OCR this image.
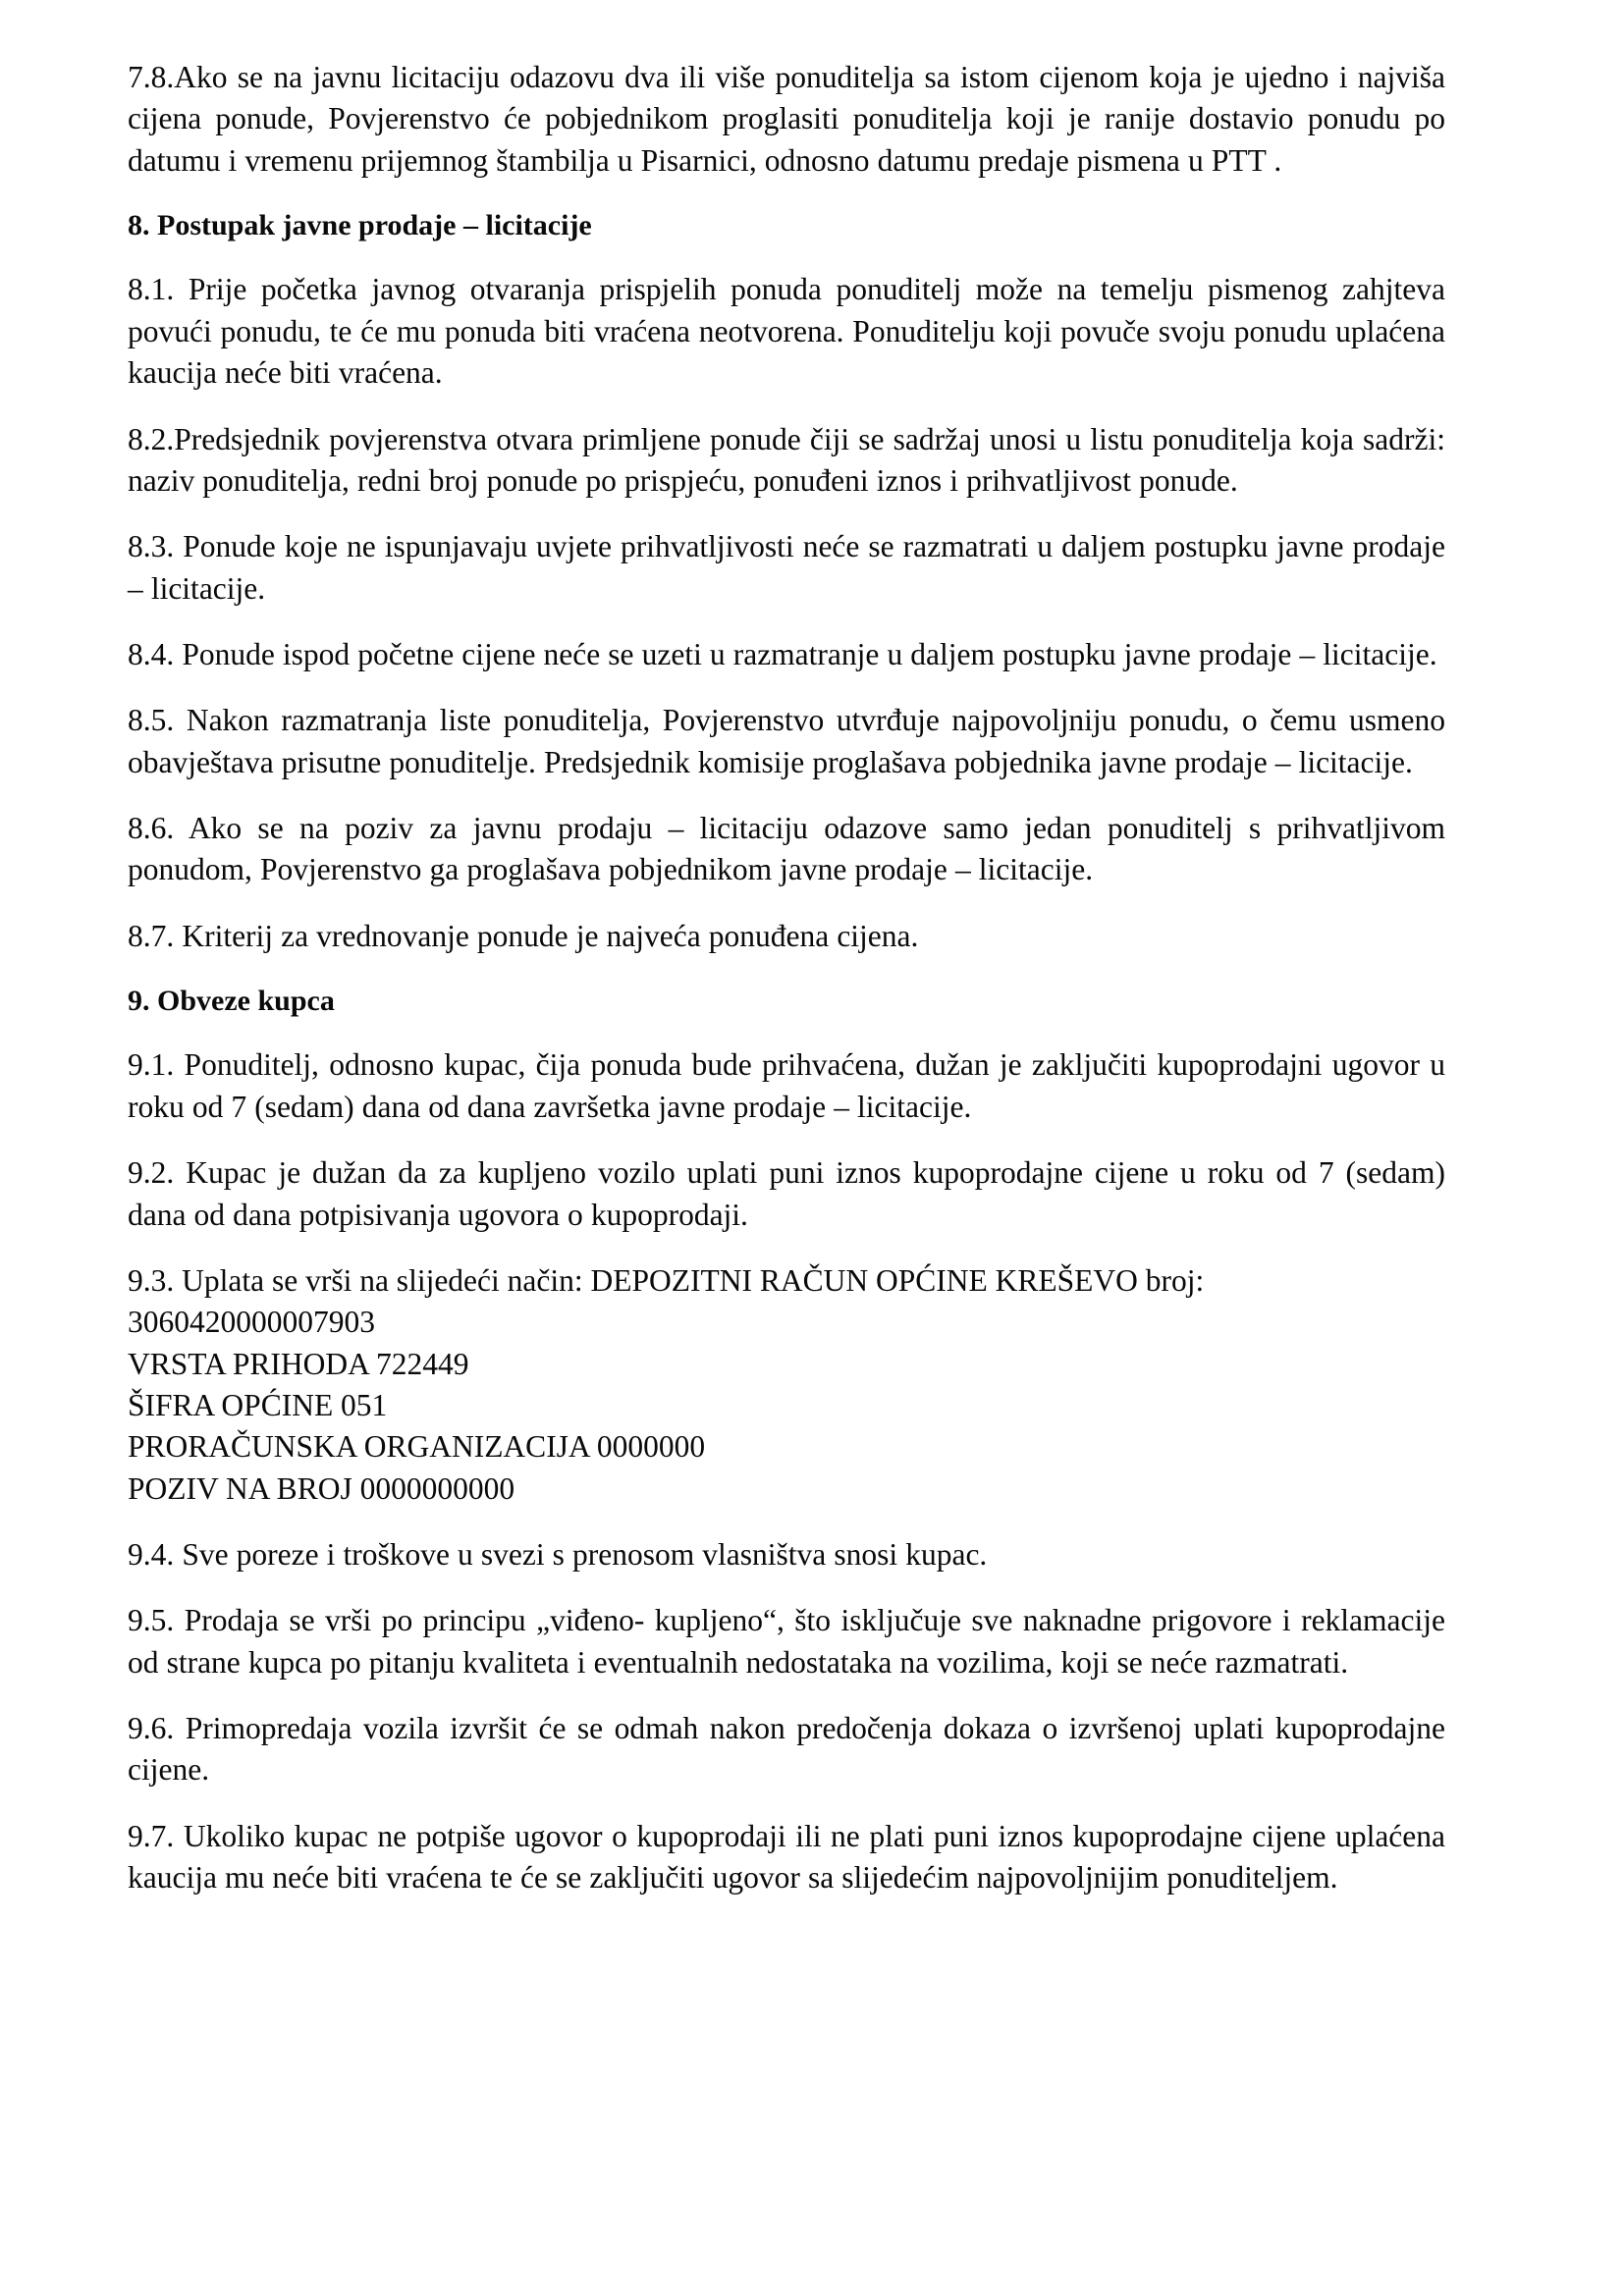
7.8.Ako se na javnu licitaciju odazovu dva ili više ponuditelja sa istom cijenom koja je ujedno i najviša cijena ponude, Povjerenstvo će pobjednikom proglasiti ponuditelja koji je ranije dostavio ponudu po datumu i vremenu prijemnog štambilja u Pisarnici, odnosno datumu predaje pismena u PTT .

8. Postupak javne prodaje – licitacije

8.1. Prije početka javnog otvaranja prispjelih ponuda ponuditelj može na temelju pismenog zahjteva povući ponudu, te će mu ponuda biti vraćena neotvorena. Ponuditelju koji povuče svoju ponudu uplaćena kaucija neće biti vraćena.

8.2.Predsjednik povjerenstva otvara primljene ponude čiji se sadržaj unosi u listu ponuditelja koja sadrži: naziv ponuditelja, redni broj ponude po prispjeću, ponuđeni iznos i prihvatljivost ponude.

8.3. Ponude koje ne ispunjavaju uvjete prihvatljivosti neće se razmatrati u daljem postupku javne prodaje – licitacije.

8.4. Ponude ispod početne cijene neće se uzeti u razmatranje u daljem postupku javne prodaje – licitacije.

8.5. Nakon razmatranja liste ponuditelja, Povjerenstvo utvrđuje najpovoljniju ponudu, o čemu usmeno obavještava prisutne ponuditelje. Predsjednik komisije proglašava pobjednika javne prodaje – licitacije.

8.6. Ako se na poziv za javnu prodaju – licitaciju odazove samo jedan ponuditelj s prihvatljivom ponudom, Povjerenstvo ga proglašava pobjednikom javne prodaje – licitacije.

8.7. Kriterij za vrednovanje ponude je najveća ponuđena cijena.

9. Obveze kupca

9.1. Ponuditelj, odnosno kupac, čija ponuda bude prihvaćena, dužan je zaključiti kupoprodajni ugovor u roku od 7 (sedam) dana od dana završetka javne prodaje – licitacije.

9.2. Kupac je dužan da za kupljeno vozilo uplati puni iznos kupoprodajne cijene u roku od 7 (sedam) dana od dana potpisivanja ugovora o kupoprodaji.

9.3. Uplata se vrši na slijedeći način: DEPOZITNI RAČUN OPĆINE KREŠEVO broj:

3060420000007903
VRSTA PRIHODA 722449
ŠIFRA OPĆINE 051
PRORAČUNSKA ORGANIZACIJA 0000000
POZIV NA BROJ 0000000000

9.4. Sve poreze i troškove u svezi s prenosom vlasništva snosi kupac.

9.5. Prodaja se vrši po principu „viđeno- kupljeno“, što isključuje sve naknadne prigovore i reklamacije od strane kupca po pitanju kvaliteta i eventualnih nedostataka na vozilima, koji se neće razmatrati.

9.6. Primopredaja vozila izvršit će se odmah nakon predočenja dokaza o izvršenoj uplati kupoprodajne cijene.

9.7. Ukoliko kupac ne potpiše ugovor o kupoprodaji ili ne plati puni iznos kupoprodajne cijene uplaćena kaucija mu neće biti vraćena te će se zaključiti ugovor sa slijedećim najpovoljnijim ponuditeljem.
